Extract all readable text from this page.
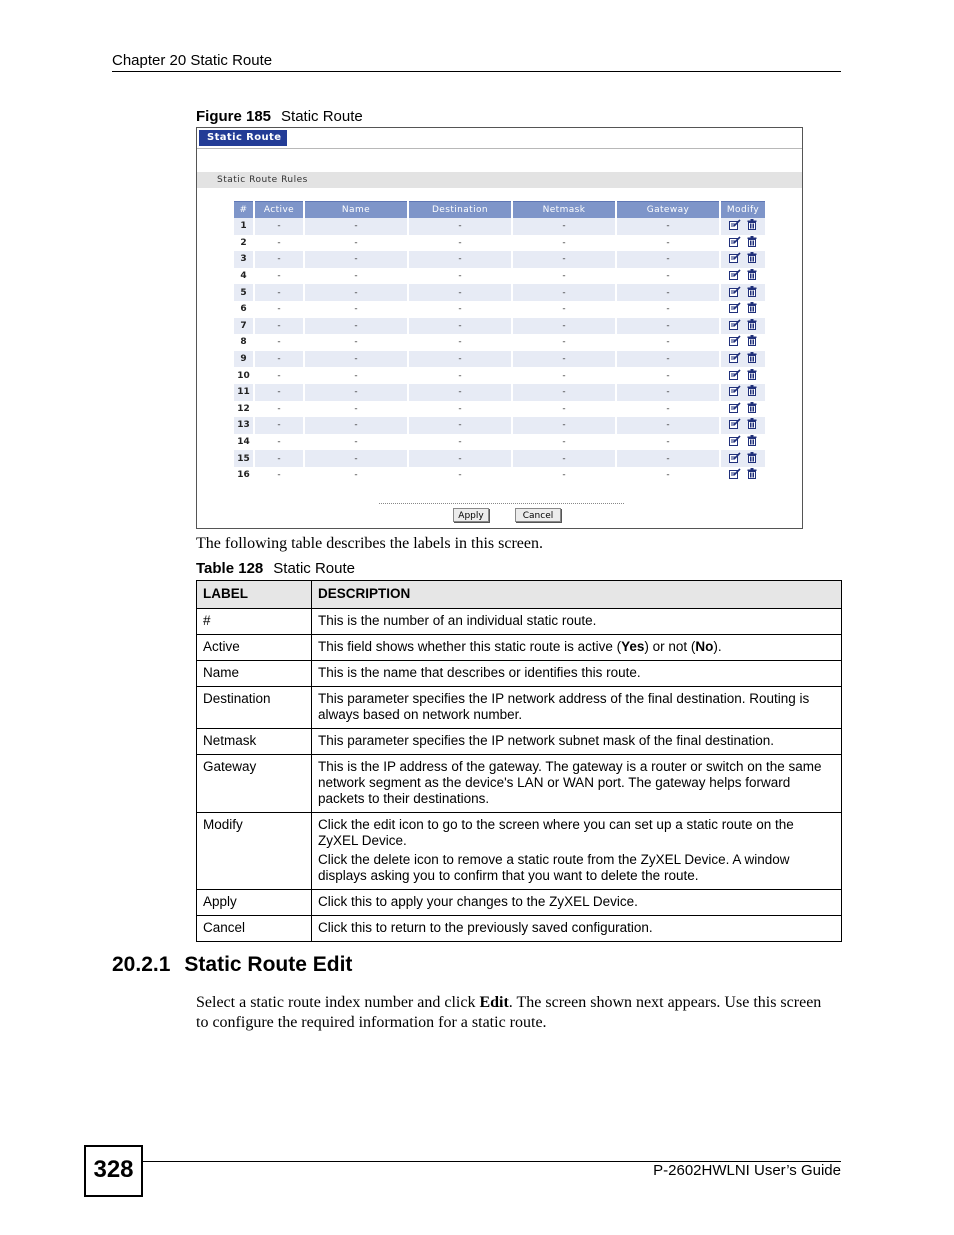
Chapter 20 Static Route
Figure 185 Static Route
Static Route
Static Route Rules
#	Active	Name	Destination	Netmask	Gateway	Modify
1	-	-	-	-	-	
2	-	-	-	-	-	
3	-	-	-	-	-	
4	-	-	-	-	-	
5	-	-	-	-	-	
6	-	-	-	-	-	
7	-	-	-	-	-	
8	-	-	-	-	-	
9	-	-	-	-	-	
10	-	-	-	-	-	
11	-	-	-	-	-	
12	-	-	-	-	-	
13	-	-	-	-	-	
14	-	-	-	-	-	
15	-	-	-	-	-	
16	-	-	-	-	-	
Apply	Cancel
The following table describes the labels in this screen.
Table 128 Static Route
LABEL	DESCRIPTION
#	This is the number of an individual static route.

Active	This field shows whether this static route is active (Yes) or not (No).

Name	This is the name that describes or identifies this route.

Destination	This parameter specifies the IP network address of the final destination. Routing is always based on network number.

Netmask	This parameter specifies the IP network subnet mask of the final destination.

Gateway	This is the IP address of the gateway. The gateway is a router or switch on the same network segment as the device's LAN or WAN port. The gateway helps forward packets to their destinations.

Modify	Click the edit icon to go to the screen where you can set up a static route on the ZyXEL Device.

Click the delete icon to remove a static route from the ZyXEL Device. A window displays asking you to confirm that you want to delete the route.

Apply	Click this to apply your changes to the ZyXEL Device.

Cancel	Click this to return to the previously saved configuration.

20.2.1 Static Route Edit
Select a static route index number and click Edit. The screen shown next appears. Use this screen to configure the required information for a static route.
328	P-2602HWLNI User’s Guide
